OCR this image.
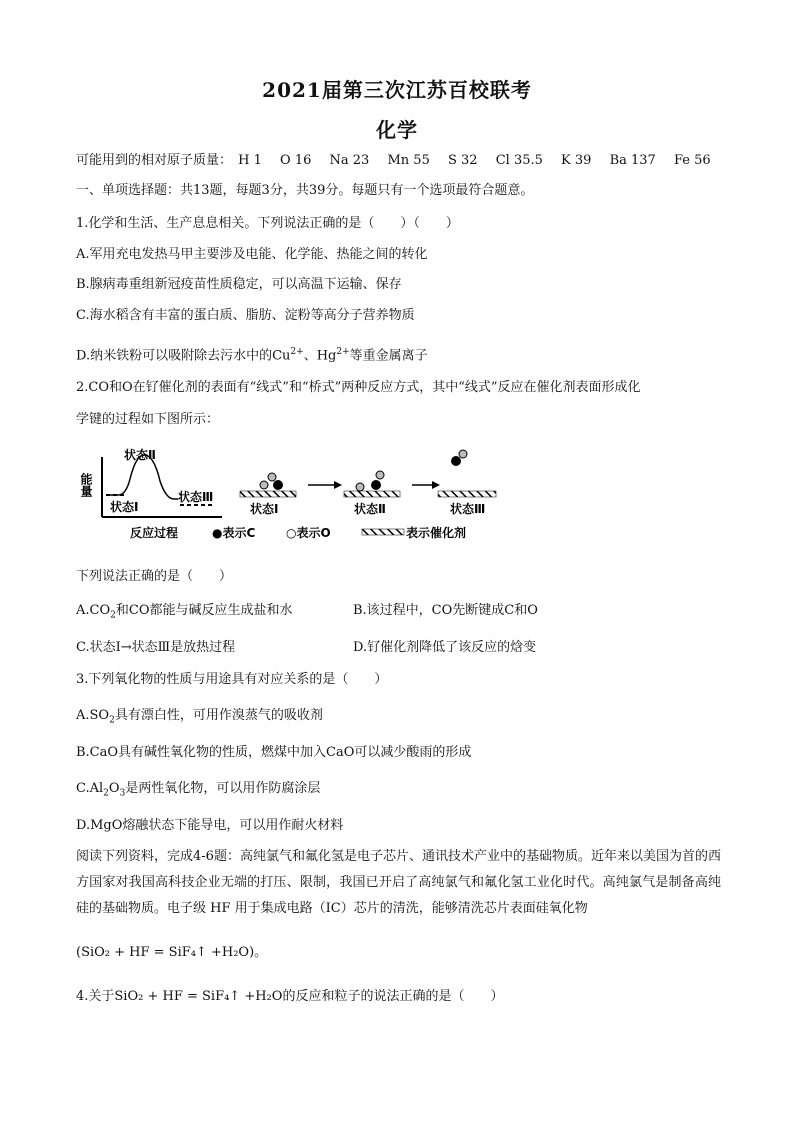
2021届第三次江苏百校联考
化学
可能用到的相对原子质量： H 1 O 16 Na 23 Mn 55 S 32 Cl 35.5 K 39 Ba 137 Fe 56
一、单项选择题：共13题，每题3分，共39分。每题只有一个选项最符合题意。
1.化学和生活、生产息息相关。下列说法正确的是（　　）（　　）
A.军用充电发热马甲主要涉及电能、化学能、热能之间的转化
B.腺病毒重组新冠疫苗性质稳定，可以高温下运输、保存
C.海水稻含有丰富的蛋白质、脂肪、淀粉等高分子营养物质
D.纳米铁粉可以吸附除去污水中的$Cu^{2+}$、$Hg^{2+}$等重金属离子
2.CO和O在钌催化剂的表面有“线式”和“桥式”两种反应方式，其中“线式”反应在催化剂表面形成化
学键的过程如下图所示：
能量
状态Ⅱ
状态Ⅰ
状态Ⅲ
反应过程
状态Ⅰ	状态Ⅱ	状态Ⅲ
●表示C	○表示O	表示催化剂
下列说法正确的是（　　）
$A.CO_2$和CO都能与碱反应生成盐和水	B.该过程中，CO先断键成C和O
C.状态Ⅰ→状态Ⅲ是放热过程	D.钌催化剂降低了该反应的焓变
3.下列氧化物的性质与用途具有对应关系的是（　　）
$A.SO_2$具有漂白性，可用作溴蒸气的吸收剂
B.CaO具有碱性氧化物的性质，燃煤中加入CaO可以减少酸雨的形成
$C.Al_2O_3$是两性氧化物，可以用作防腐涂层
D.MgO熔融状态下能导电，可以用作耐火材料
阅读下列资料，完成4-6题：高纯氯气和氟化氢是电子芯片、通讯技术产业中的基础物质。近年来以美国为首的西方国家对我国高科技企业无端的打压、限制，我国已开启了高纯氯气和氟化氢工业化时代。高纯氯气是制备高纯硅的基础物质。电子级 HF 用于集成电路（IC）芯片的清洗，能够清洗芯片表面硅氧化物
(SiO₂ + HF = SiF₄↑ +H₂O)。
4.关于SiO₂ + HF = SiF₄↑ +H₂O的反应和粒子的说法正确的是（　　）
